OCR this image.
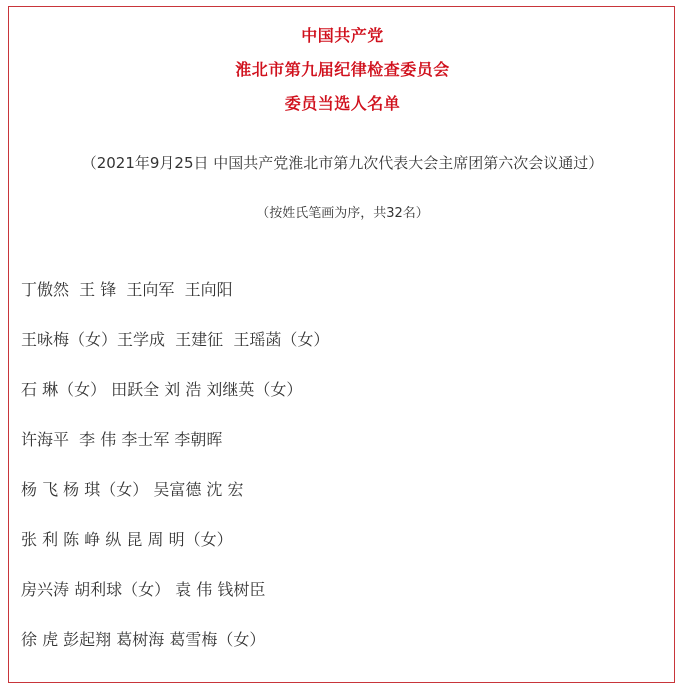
中国共产党
淮北市第九届纪律检查委员会
委员当选人名单
（2021年9月25日 中国共产党淮北市第九次代表大会主席团第六次会议通过）
（按姓氏笔画为序，共32名）
丁傲然  王 锋  王向军  王向阳
王咏梅（女）王学成  王建征  王瑶菡（女）
石 琳（女） 田跃全 刘 浩 刘继英（女）
许海平  李 伟 李士军 李朝晖
杨 飞 杨 琪（女） 吴富德 沈 宏
张 利 陈 峥 纵 昆 周 明（女）
房兴涛 胡利球（女） 袁 伟 钱树臣
徐 虎 彭起翔 葛树海 葛雪梅（女）
